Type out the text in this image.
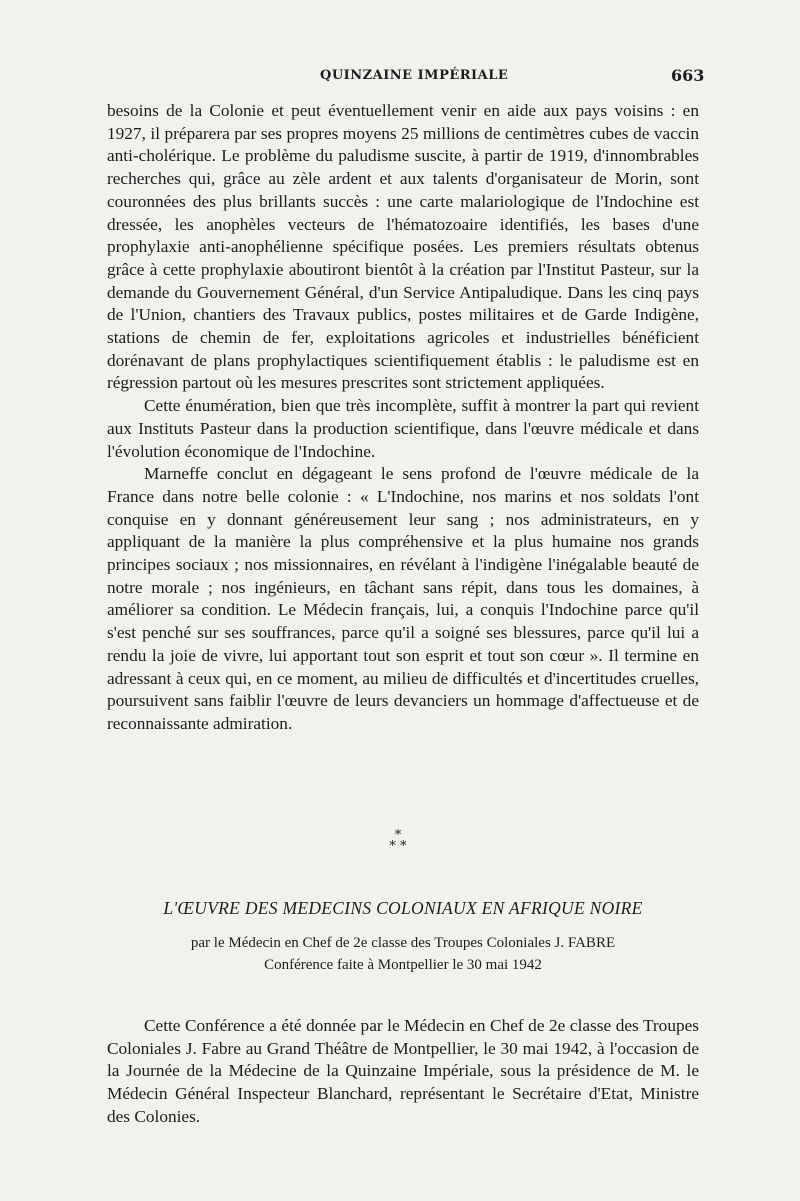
QUINZAINE IMPÉRIALE	663

besoins de la Colonie et peut éventuellement venir en aide aux pays voisins : en 1927, il préparera par ses propres moyens 25 millions de centimètres cubes de vaccin anti-cholérique. Le problème du paludisme suscite, à partir de 1919, d'innombrables recherches qui, grâce au zèle ardent et aux talents d'organisateur de Morin, sont couronnées des plus brillants succès : une carte malariologique de l'Indochine est dressée, les anophèles vecteurs de l'hématozoaire identifiés, les bases d'une prophylaxie anti-anophélienne spécifique posées. Les premiers résultats obtenus grâce à cette prophylaxie aboutiront bientôt à la création par l'Institut Pasteur, sur la demande du Gouvernement Général, d'un Service Antipaludique. Dans les cinq pays de l'Union, chantiers des Travaux publics, postes militaires et de Garde Indigène, stations de chemin de fer, exploitations agricoles et industrielles bénéficient dorénavant de plans prophylactiques scientifiquement établis : le paludisme est en régression partout où les mesures prescrites sont strictement appliquées.

Cette énumération, bien que très incomplète, suffit à montrer la part qui revient aux Instituts Pasteur dans la production scientifique, dans l'œuvre médicale et dans l'évolution économique de l'Indochine.

Marneffe conclut en dégageant le sens profond de l'œuvre médicale de la France dans notre belle colonie : « L'Indochine, nos marins et nos soldats l'ont conquise en y donnant généreusement leur sang ; nos administrateurs, en y appliquant de la manière la plus compréhensive et la plus humaine nos grands principes sociaux ; nos missionnaires, en révélant à l'indigène l'inégalable beauté de notre morale ; nos ingénieurs, en tâchant sans répit, dans tous les domaines, à améliorer sa condition. Le Médecin français, lui, a conquis l'Indochine parce qu'il s'est penché sur ses souffrances, parce qu'il a soigné ses blessures, parce qu'il lui a rendu la joie de vivre, lui apportant tout son esprit et tout son cœur ». Il termine en adressant à ceux qui, en ce moment, au milieu de difficultés et d'incertitudes cruelles, poursuivent sans faiblir l'œuvre de leurs devanciers un hommage d'affectueuse et de reconnaissante admiration.

*
* *
L'ŒUVRE DES MEDECINS COLONIAUX EN AFRIQUE NOIRE
par le Médecin en Chef de 2e classe des Troupes Coloniales J. FABRE
Conférence faite à Montpellier le 30 mai 1942

Cette Conférence a été donnée par le Médecin en Chef de 2e classe des Troupes Coloniales J. Fabre au Grand Théâtre de Montpellier, le 30 mai 1942, à l'occasion de la Journée de la Médecine de la Quinzaine Impériale, sous la présidence de M. le Médecin Général Inspecteur Blanchard, représentant le Secrétaire d'Etat, Ministre des Colonies.
